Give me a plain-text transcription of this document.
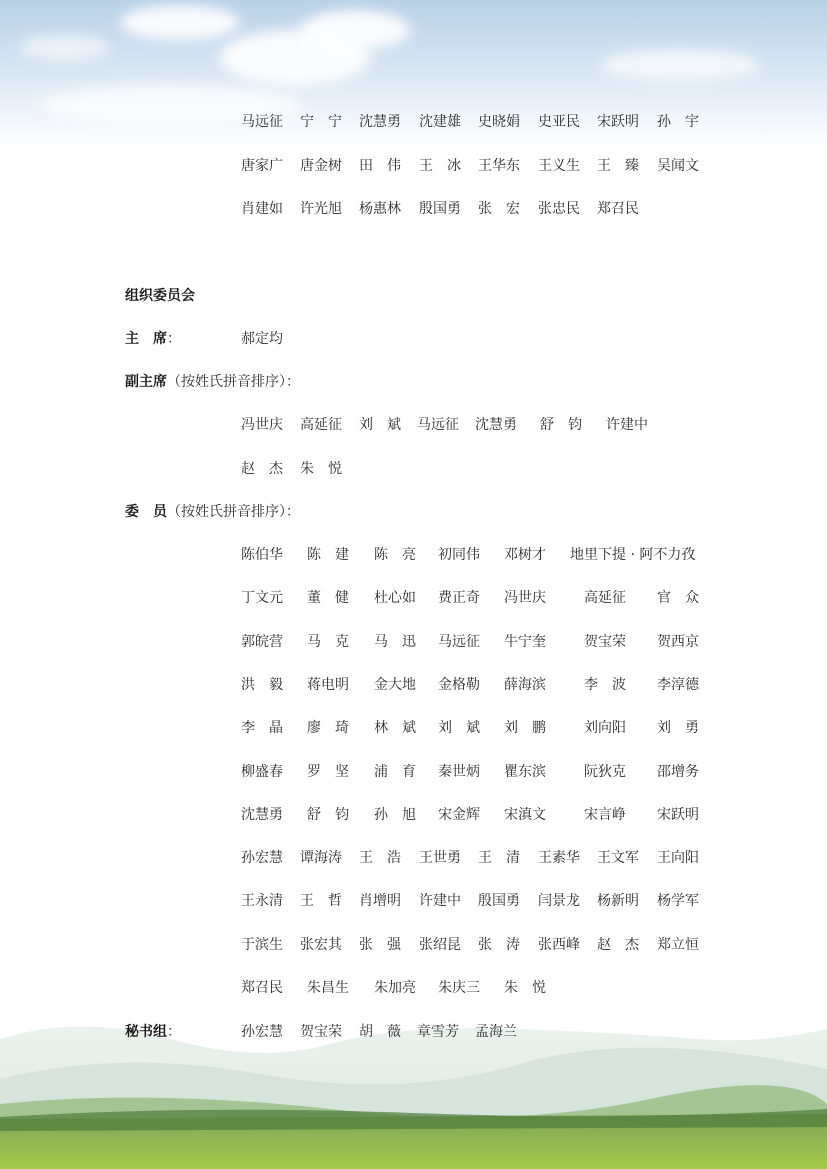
马远征 宁　宁 沈慧勇 沈建雄 史晓娟 史亚民 宋跃明 孙　宇
唐家广 唐金树 田　伟 王　冰 王华东 王义生 王　臻 吴闻文
肖建如 许光旭 杨惠林 殷国勇 张　宏 张忠民 郑召民
组织委员会
主　席：	郝定均
副主席（按姓氏拼音排序）：
冯世庆 高延征 刘　斌 马远征 沈慧勇 舒　钧 许建中
赵　杰 朱　悦
委　员（按姓氏拼音排序）：
陈伯华 陈　建 陈　亮 初同伟 邓树才 地里下提 · 阿不力孜
丁文元 董　健 杜心如 费正奇 冯世庆	高延征 官　众
郭皖营 马　克 马　迅 马远征 牛宁奎	贺宝荣 贺西京
洪　毅 蒋电明 金大地 金格勒 薛海滨	李　波 李淳德
李　晶 廖　琦 林　斌 刘　斌 刘　鹏	刘向阳 刘　勇
柳盛春 罗　坚 浦　育 秦世炳 瞿东滨	阮狄克 邵增务
沈慧勇 舒　钧 孙　旭 宋金辉 宋滇文	宋言峥 宋跃明
孙宏慧 谭海涛 王　浩 王世勇 王　清 王素华 王文军 王向阳
王永清 王　哲 肖增明 许建中 殷国勇 闫景龙 杨新明 杨学军
于滨生 张宏其 张　强 张绍昆 张　涛 张西峰 赵　杰 郑立恒
郑召民 朱昌生 朱加亮 朱庆三 朱　悦
秘书组：	孙宏慧 贺宝荣 胡　薇 章雪芳 孟海兰
